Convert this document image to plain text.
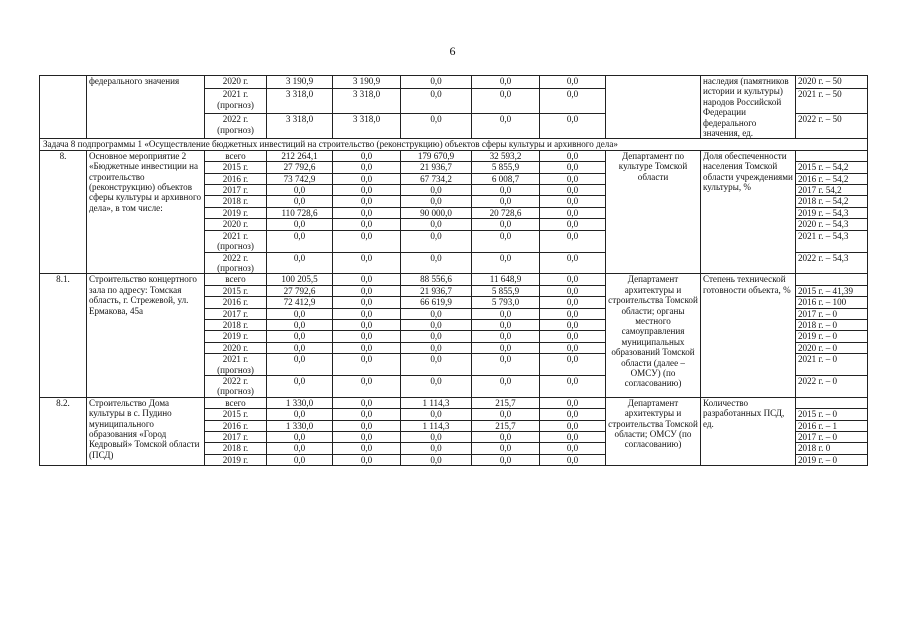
6
	федерального значения	2020 г.	3 190,9	3 190,9	0,0	0,0	0,0		наследия (памятников истории и культуры) народов Российской Федерации федерального значения, ед.	2020 г. – 50

		2021 г.
(прогноз)	3 318,0	3 318,0	0,0	0,0	0,0			2021 г. – 50

		2022 г.
(прогноз)	3 318,0	3 318,0	0,0	0,0	0,0			2022 г. – 50
Задача 8 подпрограммы 1 «Осуществление бюджетных инвестиций на строительство (реконструкцию) объектов сферы культуры и архивного дела»										
8.	Основное мероприятие 2 «Бюджетные инвестиции на строительство (реконструкцию) объектов сферы культуры и архивного дела», в том числе:	всего	212 264,1	0,0	179 670,9	32 593,2	0,0	Департамент по культуре Томской области	Доля обеспеченности населения Томской области учреждениями культуры, %	

		2015 г.	27 792,6	0,0	21 936,7	5 855,9	0,0			2015 г. – 54,2

		2016 г.	73 742,9	0,0	67 734,2	6 008,7	0,0			2016 г. – 54,2

		2017 г.	0,0	0,0	0,0	0,0	0,0			2017 г. 54,2

		2018 г.	0,0	0,0	0,0	0,0	0,0			2018 г. – 54,2

		2019 г.	110 728,6	0,0	90 000,0	20 728,6	0,0			2019 г. – 54,3

		2020 г.	0,0	0,0	0,0	0,0	0,0			2020 г. – 54,3

		2021 г.
(прогноз)	0,0	0,0	0,0	0,0	0,0			2021 г. – 54,3

		2022 г.
(прогноз)	0,0	0,0	0,0	0,0	0,0			2022 г. – 54,3
8.1.	Строительство концертного зала по адресу: Томская область, г. Стрежевой, ул. Ермакова, 45а	всего	100 205,5	0,0	88 556,6	11 648,9	0,0	Департамент архитектуры и строительства Томской области; органы местного самоуправления муниципальных образований Томской области (далее – ОМСУ) (по согласованию)	Степень технической готовности объекта, %	

		2015 г.	27 792,6	0,0	21 936,7	5 855,9	0,0			2015 г. – 41,39

		2016 г.	72 412,9	0,0	66 619,9	5 793,0	0,0			2016 г. – 100

		2017 г.	0,0	0,0	0,0	0,0	0,0			2017 г. – 0

		2018 г.	0,0	0,0	0,0	0,0	0,0			2018 г. – 0

		2019 г.	0,0	0,0	0,0	0,0	0,0			2019 г. – 0

		2020 г.	0,0	0,0	0,0	0,0	0,0			2020 г. – 0

		2021 г.
(прогноз)	0,0	0,0	0,0	0,0	0,0			2021 г. – 0

		2022 г.
(прогноз)	0,0	0,0	0,0	0,0	0,0			2022 г. – 0
8.2.	Строительство Дома культуры в с. Пудино муниципального образования «Город Кедровый» Томской области (ПСД)	всего	1 330,0	0,0	1 114,3	215,7	0,0	Департамент архитектуры и строительства Томской области; ОМСУ (по согласованию)	Количество разработанных ПСД, ед.	

		2015 г.	0,0	0,0	0,0	0,0	0,0			2015 г. – 0

		2016 г.	1 330,0	0,0	1 114,3	215,7	0,0			2016 г. – 1

		2017 г.	0,0	0,0	0,0	0,0	0,0			2017 г. – 0

		2018 г.	0,0	0,0	0,0	0,0	0,0			2018 г. 0

		2019 г.	0,0	0,0	0,0	0,0	0,0			2019 г. – 0
